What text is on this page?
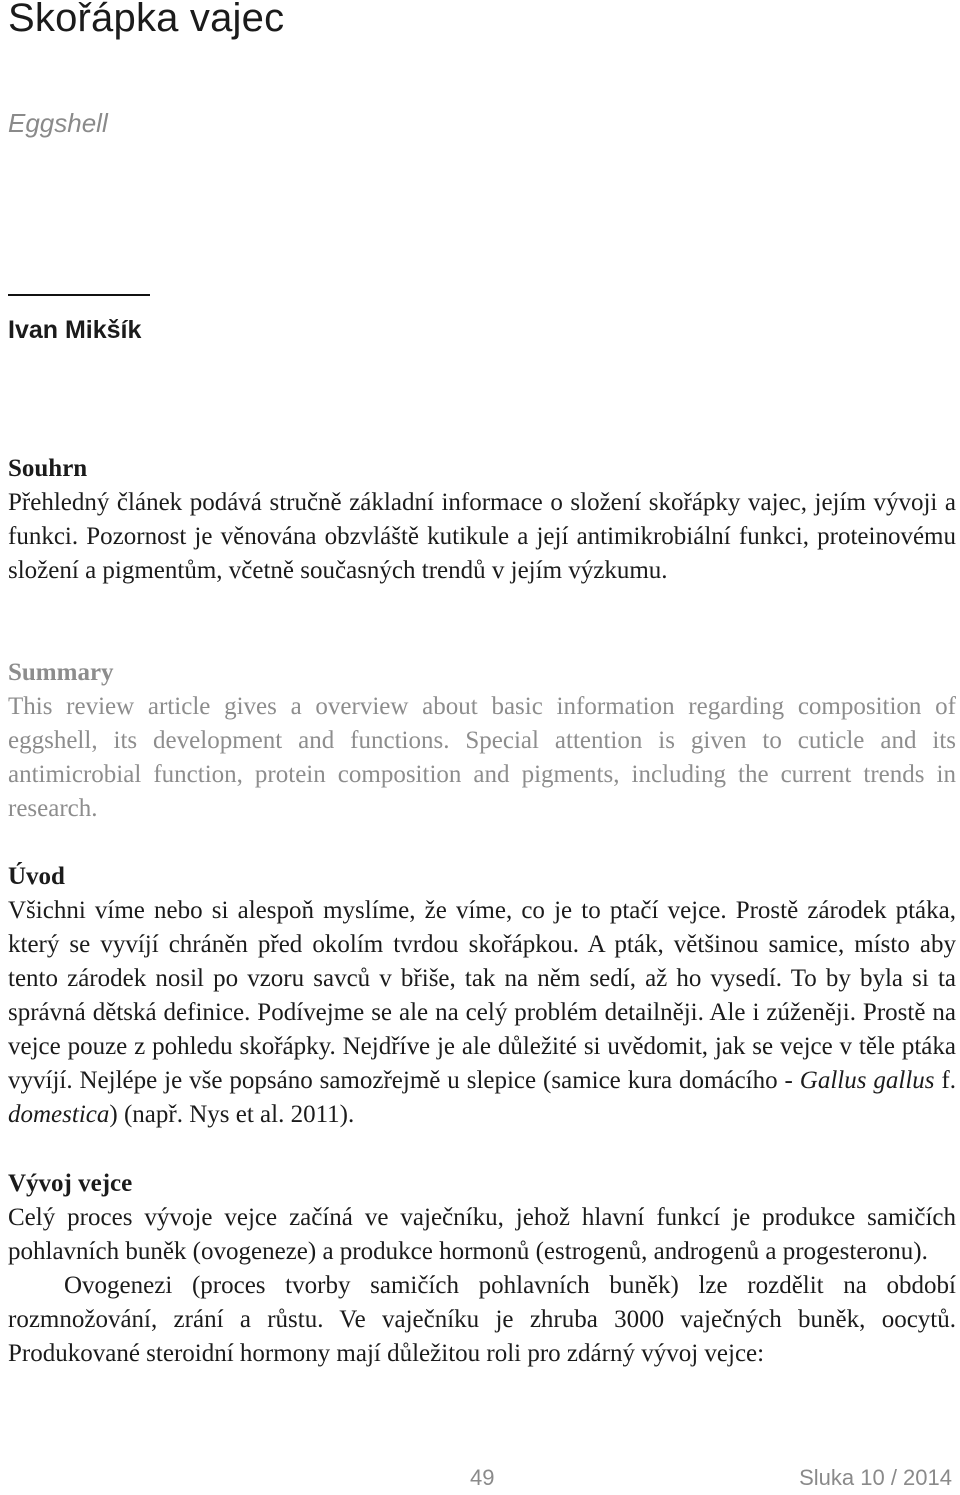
Skořápka vajec
Eggshell
Ivan Mikšík
Souhrn

Přehledný článek podává stručně základní informace o složení skořápky vajec, jejím vývoji a funkci. Pozornost je věnována obzvláště kutikule a její antimikrobiální funkci, proteinovému složení a pigmentům, včetně současných trendů v jejím výzkumu.

Summary

This review article gives a overview about basic information regarding composition of eggshell, its development and functions. Special attention is given to cuticle and its antimicrobial function, protein composition and pigments, including the current trends in research.

Úvod

Všichni víme nebo si alespoň myslíme, že víme, co je to ptačí vejce. Prostě zárodek ptáka, který se vyvíjí chráněn před okolím tvrdou skořápkou. A pták, většinou samice, místo aby tento zárodek nosil po vzoru savců v břiše, tak na něm sedí, až ho vysedí. To by byla si ta správná dětská definice. Podívejme se ale na celý problém detailněji. Ale i zúženěji. Prostě na vejce pouze z pohledu skořápky. Nejdříve je ale důležité si uvědomit, jak se vejce v těle ptáka vyvíjí. Nejlépe je vše popsáno samozřejmě u slepice (samice kura domácího - Gallus gallus f. domestica) (např. Nys et al. 2011).

Vývoj vejce

Celý proces vývoje vejce začíná ve vaječníku, jehož hlavní funkcí je produkce samičích pohlavních buněk (ovogeneze) a produkce hormonů (estrogenů, androgenů a progesteronu).

Ovogenezi (proces tvorby samičích pohlavních buněk) lze rozdělit na období rozmnožování, zrání a růstu. Ve vaječníku je zhruba 3000 vaječných buněk, oocytů. Produkované steroidní hormony mají důležitou roli pro zdárný vývoj vejce:

49	Sluka 10 / 2014
